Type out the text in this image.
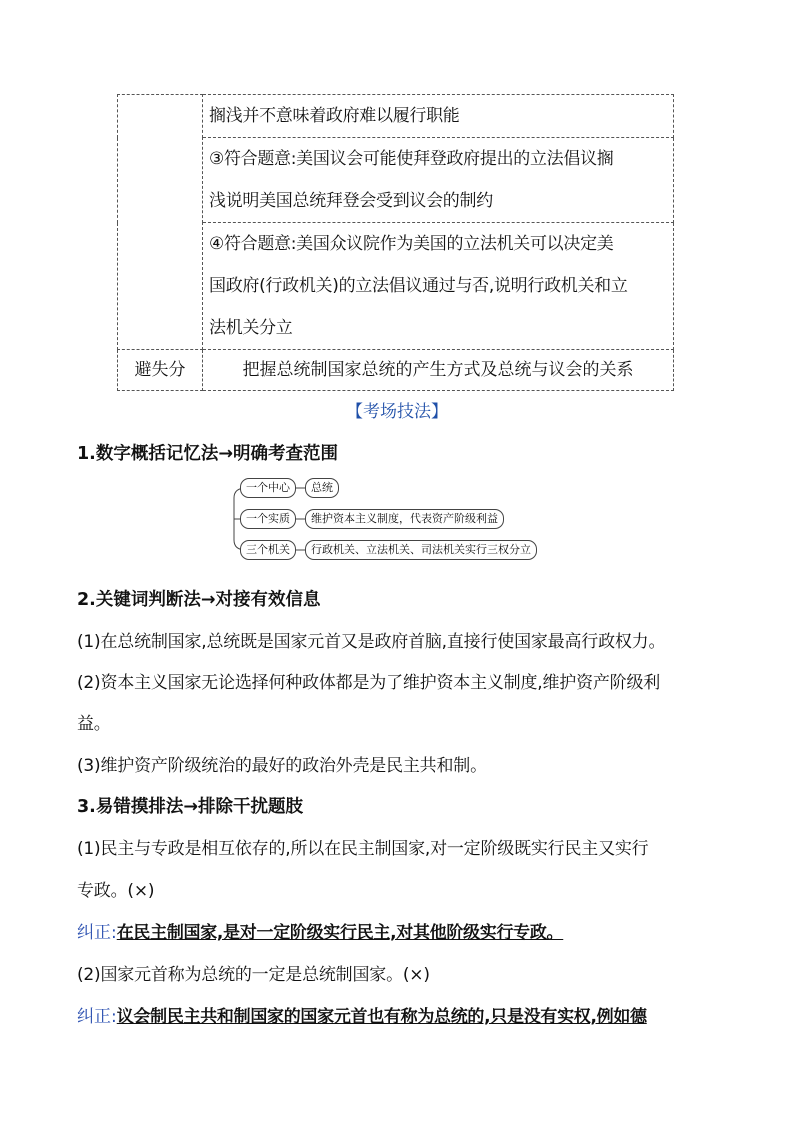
	搁浅并不意味着政府难以履行职能

	③符合题意:美国议会可能使拜登政府提出的立法倡议搁
浅说明美国总统拜登会受到议会的制约

	④符合题意:美国众议院作为美国的立法机关可以决定美
国政府(行政机关)的立法倡议通过与否,说明行政机关和立
法机关分立

避失分	把握总统制国家总统的产生方式及总统与议会的关系
【考场技法】
1.数字概括记忆法→明确考查范围
一个中心	总统
一个实质	维护资本主义制度，代表资产阶级利益
三个机关	行政机关、立法机关、司法机关实行三权分立
2.关键词判断法→对接有效信息
(1)在总统制国家,总统既是国家元首又是政府首脑,直接行使国家最高行政权力。
(2)资本主义国家无论选择何种政体都是为了维护资本主义制度,维护资产阶级利
益。
(3)维护资产阶级统治的最好的政治外壳是民主共和制。
3.易错摸排法→排除干扰题肢
(1)民主与专政是相互依存的,所以在民主制国家,对一定阶级既实行民主又实行
专政。(×)
纠正:在民主制国家,是对一定阶级实行民主,对其他阶级实行专政。
(2)国家元首称为总统的一定是总统制国家。(×)
纠正:议会制民主共和制国家的国家元首也有称为总统的,只是没有实权,例如德
